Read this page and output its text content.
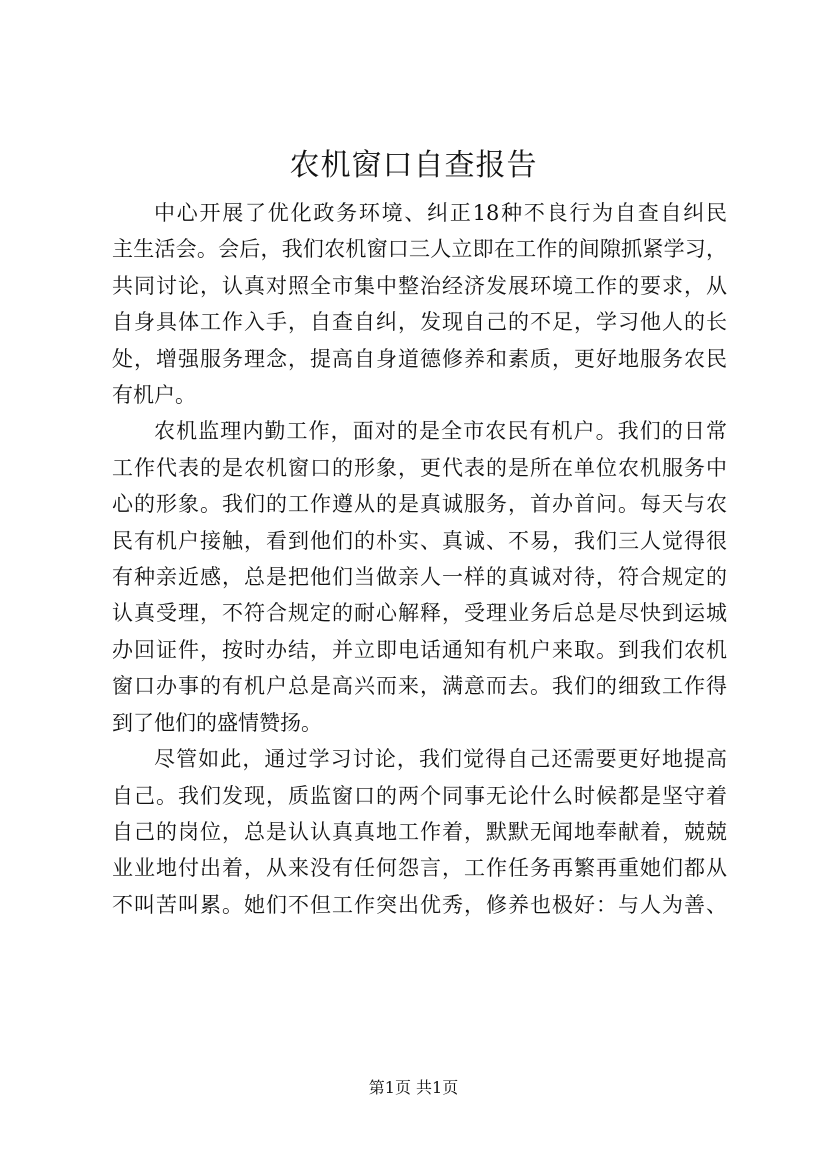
农机窗口自查报告

中心开展了优化政务环境、纠正18种不良行为自查自纠民
主生活会。会后，我们农机窗口三人立即在工作的间隙抓紧学习，
共同讨论，认真对照全市集中整治经济发展环境工作的要求，从
自身具体工作入手，自查自纠，发现自己的不足，学习他人的长
处，增强服务理念，提高自身道德修养和素质，更好地服务农民
有机户。

农机监理内勤工作，面对的是全市农民有机户。我们的日常
工作代表的是农机窗口的形象，更代表的是所在单位农机服务中
心的形象。我们的工作遵从的是真诚服务，首办首问。每天与农
民有机户接触，看到他们的朴实、真诚、不易，我们三人觉得很
有种亲近感，总是把他们当做亲人一样的真诚对待，符合规定的
认真受理，不符合规定的耐心解释，受理业务后总是尽快到运城
办回证件，按时办结，并立即电话通知有机户来取。到我们农机
窗口办事的有机户总是高兴而来，满意而去。我们的细致工作得
到了他们的盛情赞扬。

尽管如此，通过学习讨论，我们觉得自己还需要更好地提高
自己。我们发现，质监窗口的两个同事无论什么时候都是坚守着
自己的岗位，总是认认真真地工作着，默默无闻地奉献着，兢兢
业业地付出着，从来没有任何怨言，工作任务再繁再重她们都从
不叫苦叫累。她们不但工作突出优秀，修养也极好：与人为善、

第1页 共1页
